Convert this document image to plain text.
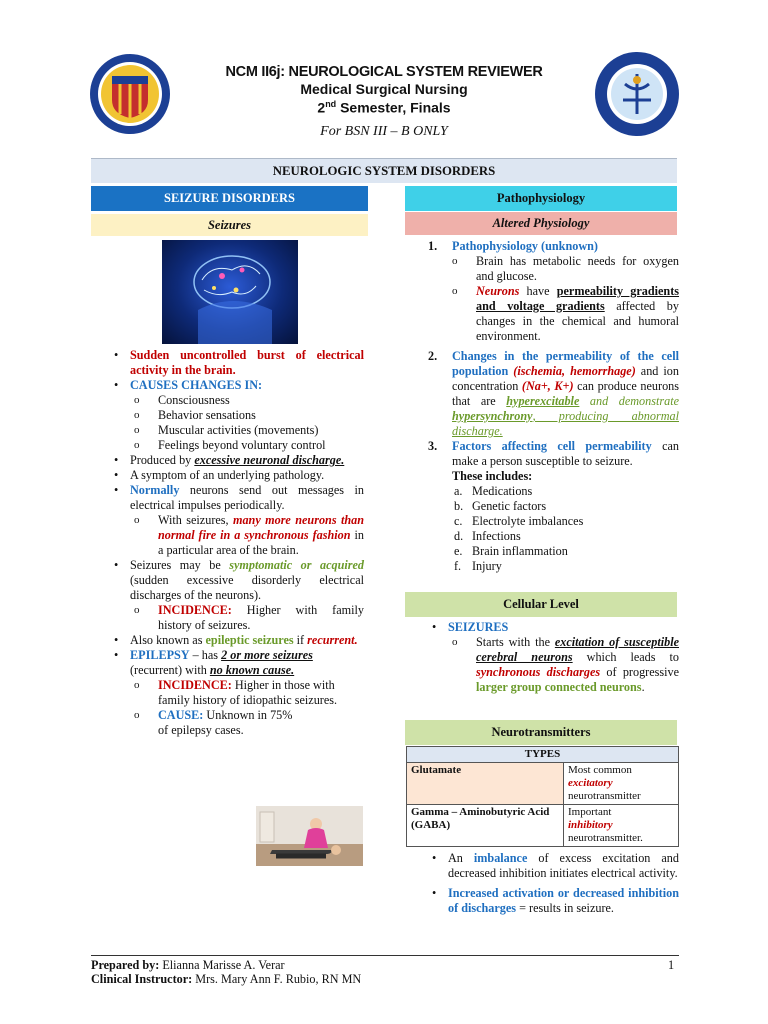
NCM II6j: NEUROLOGICAL SYSTEM REVIEWER
Medical Surgical Nursing
2nd Semester, Finals
For BSN III – B ONLY
NEUROLOGIC SYSTEM DISORDERS
SEIZURE DISORDERS
Seizures
• Sudden uncontrolled burst of electrical activity in the brain.
• CAUSES CHANGES IN:
o Consciousness
o Behavior sensations
o Muscular activities (movements)
o Feelings beyond voluntary control
• Produced by excessive neuronal discharge.
• A symptom of an underlying pathology.
• Normally neurons send out messages in electrical impulses periodically.
o With seizures, many more neurons than normal fire in a synchronous fashion in a particular area of the brain.
• Seizures may be symptomatic or acquired (sudden excessive disorderly electrical discharges of the neurons).
o INCIDENCE: Higher with family history of seizures.
• Also known as epileptic seizures if recurrent.
• EPILEPSY – has 2 or more seizures (recurrent) with no known cause.
o INCIDENCE: Higher in those with family history of idiopathic seizures.
o CAUSE: Unknown in 75% of epilepsy cases.
Pathophysiology
Altered Physiology
1. Pathophysiology (unknown)
o Brain has metabolic needs for oxygen and glucose.
o Neurons have permeability gradients and voltage gradients affected by changes in the chemical and humoral environment.
2. Changes in the permeability of the cell population (ischemia, hemorrhage) and ion concentration (Na+, K+) can produce neurons that are hyperexcitable and demonstrate hypersynchrony, producing abnormal discharge.
3. Factors affecting cell permeability can make a person susceptible to seizure.
These includes:
a. Medications
b. Genetic factors
c. Electrolyte imbalances
d. Infections
e. Brain inflammation
f. Injury
Cellular Level
• SEIZURES
o Starts with the excitation of susceptible cerebral neurons which leads to synchronous discharges of progressive larger group connected neurons.
Neurotransmitters
TYPES	
Glutamate	Most common
excitatory
neurotransmitter
Gamma – Aminobutyric Acid (GABA)	Important
inhibitory
neurotransmitter.
• An imbalance of excess excitation and decreased inhibition initiates electrical activity.
• Increased activation or decreased inhibition of discharges = results in seizure.
Prepared by: Elianna Marisse A. Verar
Clinical Instructor: Mrs. Mary Ann F. Rubio, RN MN
1
